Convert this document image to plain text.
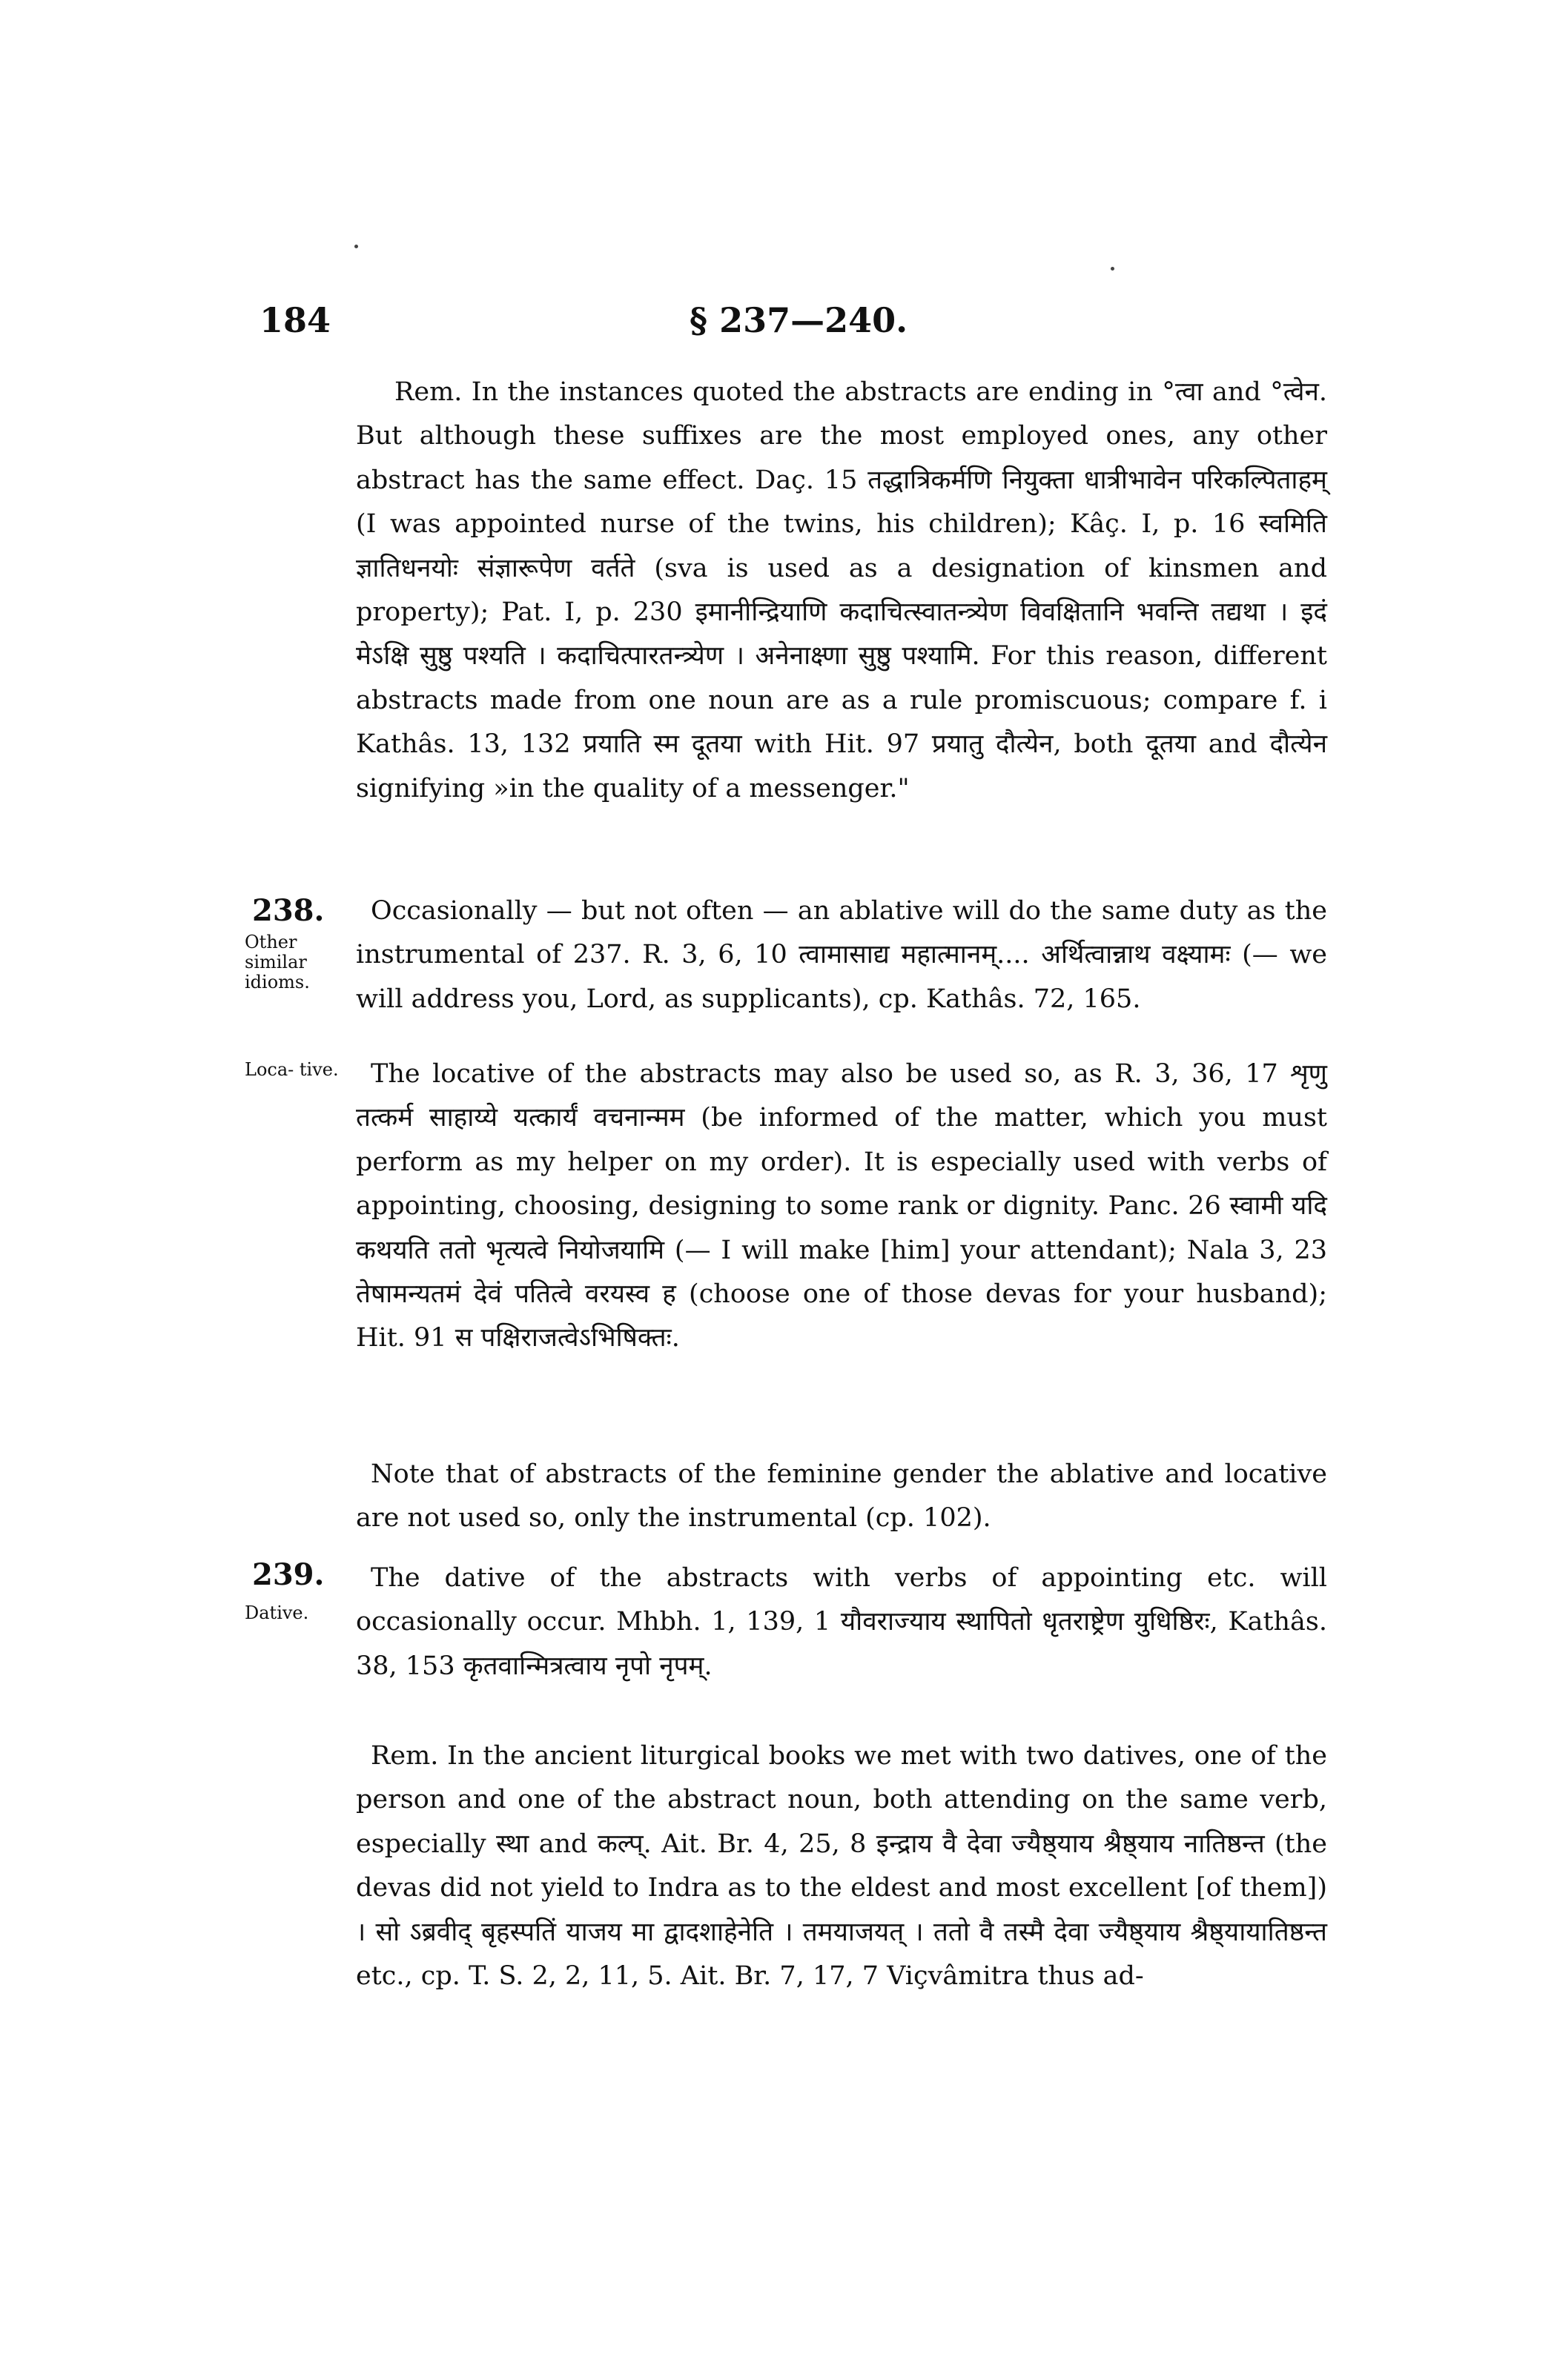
184	§ 237—240.

Rem. In the instances quoted the abstracts are ending in °त्वा and °त्वेन. But although these suffixes are the most employed ones, any other abstract has the same effect. Daç. 15 तद्धात्रिकर्मणि नियुक्ता धात्रीभावेन परिकल्पिताहम् (I was appointed nurse of the twins, his children); Kâç. I, p. 16 स्वमिति ज्ञातिधनयोः संज्ञारूपेण वर्तते (sva is used as a designation of kinsmen and property); Pat. I, p. 230 इमानीन्द्रियाणि कदाचित्स्वातन्त्र्येण विवक्षितानि भवन्ति तद्यथा । इदं मेऽक्षि सुष्ठु पश्यति । कदाचित्पारतन्त्र्येण । अनेनाक्ष्णा सुष्ठु पश्यामि. For this reason, different abstracts made from one noun are as a rule promiscuous; compare f. i Kathâs. 13, 132 प्रयाति स्म दूतया with Hit. 97 प्रयातु दौत्येन, both दूतया and दौत्येन signifying »in the quality of a messenger."

238.
Other similar idioms.

Occasionally — but not often — an ablative will do the same duty as the instrumental of 237. R. 3, 6, 10 त्वामासाद्य महात्मानम्.... अर्थित्वान्नाथ वक्ष्यामः (— we will address you, Lord, as supplicants), cp. Kathâs. 72, 165.

Loca- tive.	The locative of the abstracts may also be used so, as R. 3, 36, 17 शृणु तत्कर्म साहाय्ये यत्कार्यं वचनान्मम (be informed of the matter, which you must perform as my helper on my order). It is especially used with verbs of appointing, choosing, designing to some rank or dignity. Panc. 26 स्वामी यदि कथयति ततो भृत्यत्वे नियोजयामि (— I will make [him] your attendant); Nala 3, 23 तेषामन्यतमं देवं पतित्वे वरयस्व ह (choose one of those devas for your husband); Hit. 91 स पक्षिराजत्वेऽभिषिक्तः.

Note that of abstracts of the feminine gender the ablative and locative are not used so, only the instrumental (cp. 102).

239.
Dative.

The dative of the abstracts with verbs of appointing etc. will occasionally occur. Mhbh. 1, 139, 1 यौवराज्याय स्थापितो धृतराष्ट्रेण युधिष्ठिरः, Kathâs. 38, 153 कृतवान्मित्रत्वाय नृपो नृपम्.

Rem. In the ancient liturgical books we met with two datives, one of the person and one of the abstract noun, both attending on the same verb, especially स्था and कल्प्. Ait. Br. 4, 25, 8 इन्द्राय वै देवा ज्यैष्ठ्याय श्रैष्ठ्याय नातिष्ठन्त (the devas did not yield to Indra as to the eldest and most excellent [of them]) । सो ऽब्रवीद् बृहस्पतिं याजय मा द्वादशाहेनेति । तमयाजयत् । ततो वै तस्मै देवा ज्यैष्ठ्याय श्रैष्ठ्यायातिष्ठन्त etc., cp. T. S. 2, 2, 11, 5. Ait. Br. 7, 17, 7 Viçvâmitra thus ad-
